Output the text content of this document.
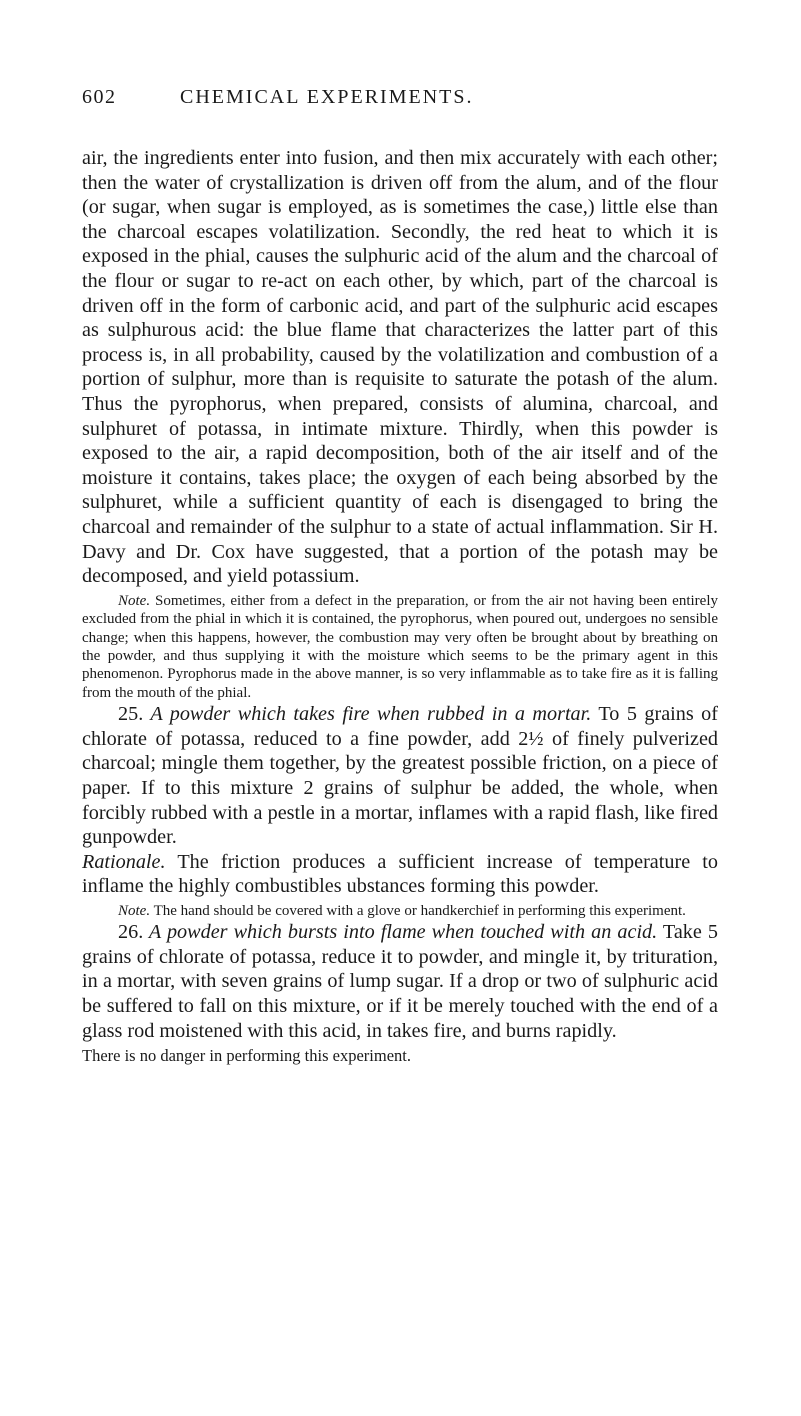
602	CHEMICAL EXPERIMENTS.

air, the ingredients enter into fusion, and then mix accurately with each other; then the water of crystallization is driven off from the alum, and of the flour (or sugar, when sugar is employed, as is sometimes the case,) little else than the charcoal escapes volatilization. Secondly, the red heat to which it is exposed in the phial, causes the sulphuric acid of the alum and the charcoal of the flour or sugar to re-act on each other, by which, part of the charcoal is driven off in the form of carbonic acid, and part of the sulphuric acid escapes as sulphurous acid: the blue flame that characterizes the latter part of this process is, in all probability, caused by the volatilization and combustion of a portion of sulphur, more than is requisite to saturate the potash of the alum. Thus the pyrophorus, when prepared, consists of alumina, charcoal, and sulphuret of potassa, in intimate mixture. Thirdly, when this powder is exposed to the air, a rapid decomposition, both of the air itself and of the moisture it contains, takes place; the oxygen of each being absorbed by the sulphuret, while a sufficient quantity of each is disengaged to bring the charcoal and remainder of the sulphur to a state of actual inflammation. Sir H. Davy and Dr. Cox have suggested, that a portion of the potash may be decomposed, and yield potassium.

Note. Sometimes, either from a defect in the preparation, or from the air not having been entirely excluded from the phial in which it is contained, the pyrophorus, when poured out, undergoes no sensible change; when this happens, however, the combustion may very often be brought about by breathing on the powder, and thus supplying it with the moisture which seems to be the primary agent in this phenomenon. Pyrophorus made in the above manner, is so very inflammable as to take fire as it is falling from the mouth of the phial.

25. A powder which takes fire when rubbed in a mortar. To 5 grains of chlorate of potassa, reduced to a fine powder, add 2½ of finely pulverized charcoal; mingle them together, by the greatest possible friction, on a piece of paper. If to this mixture 2 grains of sulphur be added, the whole, when forcibly rubbed with a pestle in a mortar, inflames with a rapid flash, like fired gunpowder.

Rationale. The friction produces a sufficient increase of temperature to inflame the highly combustibles ubstances forming this powder.

Note. The hand should be covered with a glove or handkerchief in performing this experiment.

26. A powder which bursts into flame when touched with an acid. Take 5 grains of chlorate of potassa, reduce it to powder, and mingle it, by trituration, in a mortar, with seven grains of lump sugar. If a drop or two of sulphuric acid be suffered to fall on this mixture, or if it be merely touched with the end of a glass rod moistened with this acid, in takes fire, and burns rapidly.

There is no danger in performing this experiment.
